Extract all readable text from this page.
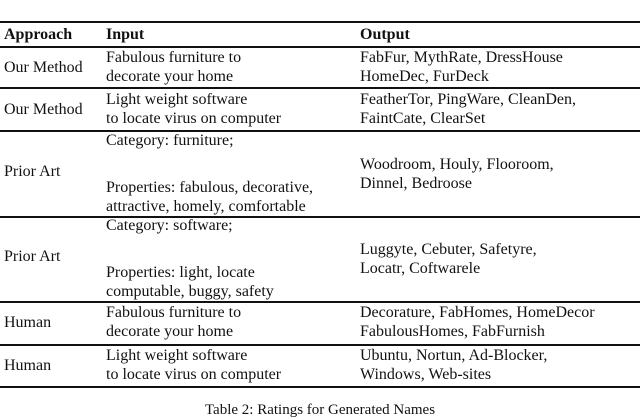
Approach Input	Output
Our Method
Fabulous furniture to
decorate your home
FabFur, MythRate, DressHouse
HomeDec, FurDeck
Our Method
Light weight software
to locate virus on computer
FeatherTor, PingWare, CleanDen,
FaintCate, ClearSet
Prior Art
Category: furniture;
Properties: fabulous, decorative,
attractive, homely, comfortable
Woodroom, Houly, Flooroom,
Dinnel, Bedroose
Prior Art
Category: software;
Properties: light, locate
computable, buggy, safety
Luggyte, Cebuter, Safetyre,
Locatr, Coftwarele
Human
Fabulous furniture to
decorate your home
Decorature, FabHomes, HomeDecor
FabulousHomes, FabFurnish
Human
Light weight software
to locate virus on computer
Ubuntu, Nortun, Ad-Blocker,
Windows, Web-sites
Table 2: Ratings for Generated Names
